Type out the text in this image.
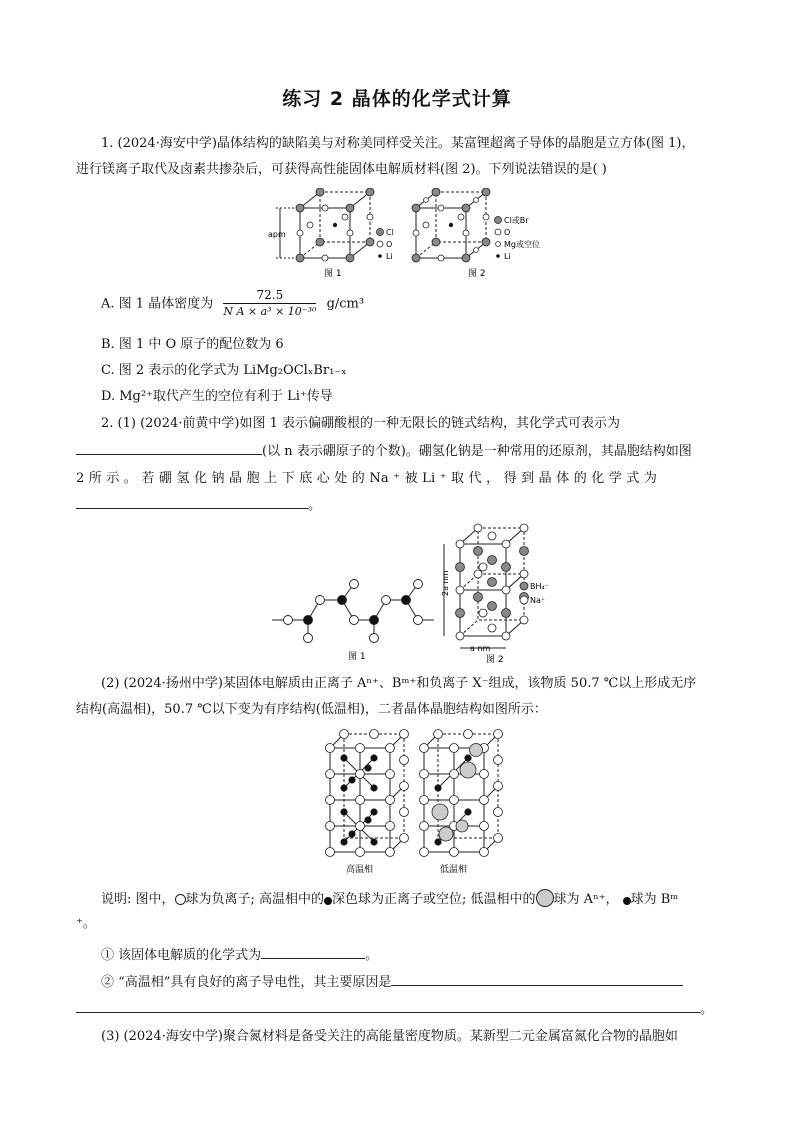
练习 2 晶体的化学式计算
1. (2024·海安中学)晶体结构的缺陷美与对称美同样受关注。某富锂超离子导体的晶胞是立方体(图 1)，
进行镁离子取代及卤素共掺杂后，可获得高性能固体电解质材料(图 2)。下列说法错误的是( )
apm	Cl
O
Li
图 1
Cl或Br
O
Mg或空位
Li
图 2
A. 图 1 晶体密度为 $\frac{72.5}{\text{N A × a³ × 10⁻³⁰}} g/cm^3$
B. 图 1 中 O 原子的配位数为 6
C. 图 2 表示的化学式为 LiMg₂OClₓBr₁₋ₓ
D. Mg²⁺取代产生的空位有利于 Li⁺传导
2. (1) (2024·前黄中学)如图 1 表示偏硼酸根的一种无限长的链式结构，其化学式可表示为
(以 n 表示硼原子的个数)。硼氢化钠是一种常用的还原剂，其晶胞结构如图
2 所 示 。 若 硼 氢 化 钠 晶 胞 上 下 底 心 处 的 Na ⁺ 被 Li ⁺ 取 代 ， 得 到 晶 体 的 化 学 式 为
。
图 1
2a nm
a nm
BH₄⁻
Na⁺
图 2
(2) (2024·扬州中学)某固体电解质由正离子 Aⁿ⁺、Bᵐ⁺和负离子 X⁻组成，该物质 50.7 ℃以上形成无序
结构(高温相)，50.7 ℃以下变为有序结构(低温相)，二者晶体晶胞结构如图所示：
高温相	低温相
说明: 图中， 球为负离子; 高温相中的 深色球为正离子或空位; 低温相中的 球为 Aⁿ⁺， 球为 Bᵐ
⁺。
① 该固体电解质的化学式为	。
② “高温相”具有良好的离子导电性，其主要原因是
。
(3) (2024·海安中学)聚合氮材料是备受关注的高能量密度物质。某新型二元金属富氮化合物的晶胞如
